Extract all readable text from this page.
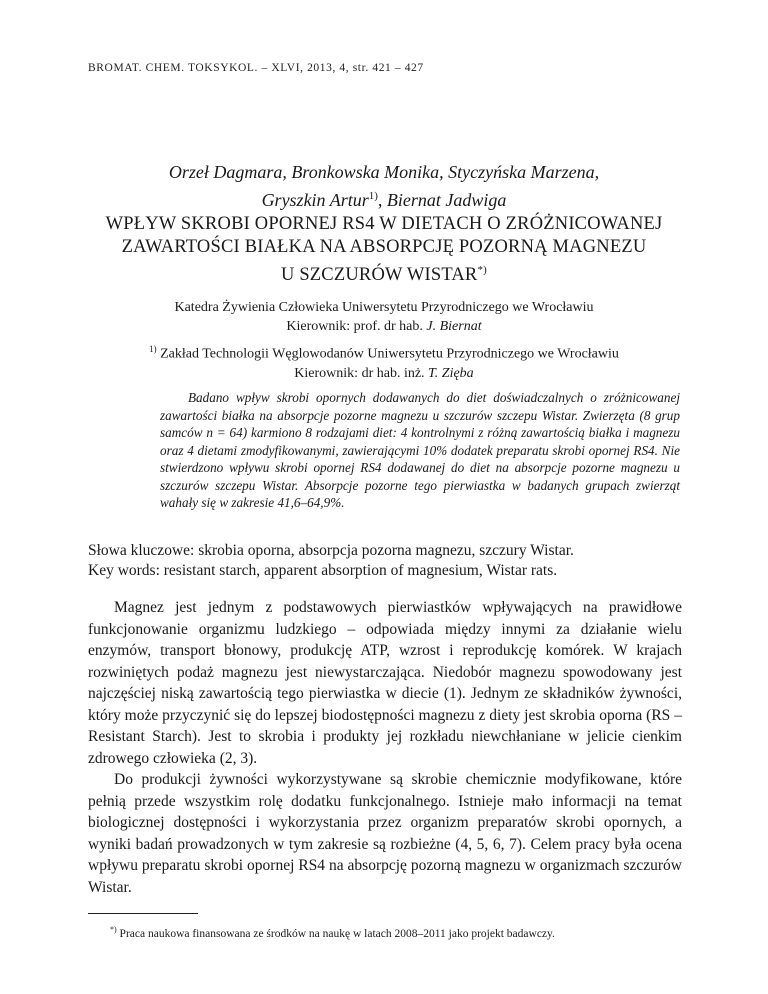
BROMAT. CHEM. TOKSYKOL. – XLVI, 2013, 4, str. 421 – 427
Orzeł Dagmara, Bronkowska Monika, Styczyńska Marzena,
Gryszkin Artur$^{1)}$, Biernat Jadwiga
WPŁYW SKROBI OPORNEJ RS4 W DIETACH O ZRÓŻNICOWANEJ
ZAWARTOŚCI BIAŁKA NA ABSORPCJĘ POZORNĄ MAGNEZU
U SZCZURÓW WISTAR*)
Katedra Żywienia Człowieka Uniwersytetu Przyrodniczego we Wrocławiu
Kierownik: prof. dr hab. J. Biernat
$^{1)}$ Zakład Technologii Węglowodanów Uniwersytetu Przyrodniczego we Wrocławiu
Kierownik: dr hab. inż. T. Zięba
Badano wpływ skrobi opornych dodawanych do diet doświadczalnych o zróżnicowanej zawartości białka na absorpcje pozorne magnezu u szczurów szczepu Wistar. Zwierzęta (8 grup samców n = 64) karmiono 8 rodzajami diet: 4 kontrolnymi z różną zawartością białka i magnezu oraz 4 dietami zmodyfikowanymi, zawierającymi 10% dodatek preparatu skrobi opornej RS4. Nie stwierdzono wpływu skrobi opornej RS4 dodawanej do diet na absorpcje pozorne magnezu u szczurów szczepu Wistar. Absorpcje pozorne tego pierwiastka w badanych grupach zwierząt wahały się w zakresie 41,6–64,9%.
Słowa kluczowe: skrobia oporna, absorpcja pozorna magnezu, szczury Wistar.
Key words: resistant starch, apparent absorption of magnesium, Wistar rats.

Magnez jest jednym z podstawowych pierwiastków wpływających na prawidłowe funkcjonowanie organizmu ludzkiego – odpowiada między innymi za działanie wielu enzymów, transport błonowy, produkcję ATP, wzrost i reprodukcję komórek. W krajach rozwiniętych podaż magnezu jest niewystarczająca. Niedobór magnezu spowodowany jest najczęściej niską zawartością tego pierwiastka w diecie (1). Jednym ze składników żywności, który może przyczynić się do lepszej biodostępności magnezu z diety jest skrobia oporna (RS – Resistant Starch). Jest to skrobia i produkty jej rozkładu niewchłaniane w jelicie cienkim zdrowego człowieka (2, 3).

Do produkcji żywności wykorzystywane są skrobie chemicznie modyfikowane, które pełnią przede wszystkim rolę dodatku funkcjonalnego. Istnieje mało informacji na temat biologicznej dostępności i wykorzystania przez organizm preparatów skrobi opornych, a wyniki badań prowadzonych w tym zakresie są rozbieżne (4, 5, 6, 7). Celem pracy była ocena wpływu preparatu skrobi opornej RS4 na absorpcję pozorną magnezu w organizmach szczurów Wistar.

*) Praca naukowa finansowana ze środków na naukę w latach 2008–2011 jako projekt badawczy.
